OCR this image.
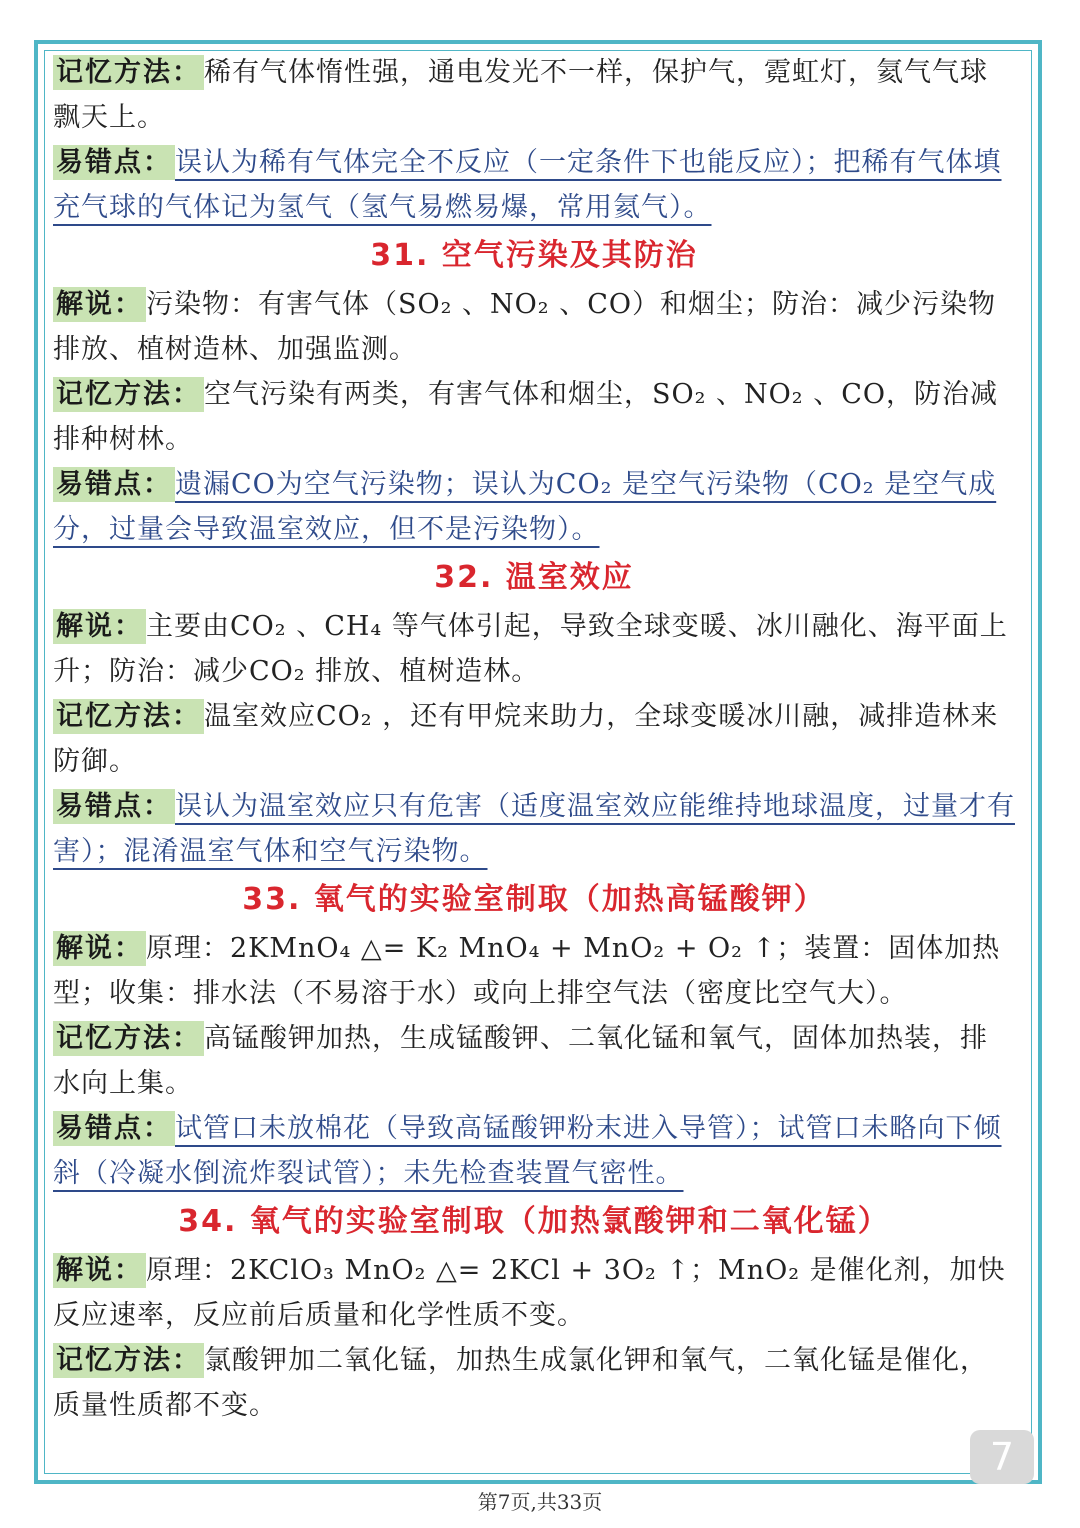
记忆方法： 稀有气体惰性强，通电发光不一样，保护气，霓虹灯，氦气气球飘天上。

易错点： 误认为稀有气体完全不反应（一定条件下也能反应）；把稀有气体填充气球的气体记为氢气（氢气易燃易爆，常用氦气）。

31. 空气污染及其防治

解说： 污染物：有害气体（SO₂ 、NO₂ 、CO）和烟尘；防治：减少污染物排放、植树造林、加强监测。

记忆方法： 空气污染有两类，有害气体和烟尘，SO₂ 、NO₂ 、CO，防治减排种树林。

易错点： 遗漏CO为空气污染物；误认为CO₂ 是空气污染物（CO₂ 是空气成分，过量会导致温室效应，但不是污染物）。

32. 温室效应

解说： 主要由CO₂ 、CH₄ 等气体引起，导致全球变暖、冰川融化、海平面上升；防治：减少CO₂ 排放、植树造林。

记忆方法： 温室效应CO₂ ，还有甲烷来助力，全球变暖冰川融，减排造林来防御。

易错点： 误认为温室效应只有危害（适度温室效应能维持地球温度，过量才有害）；混淆温室气体和空气污染物。

33. 氧气的实验室制取（加热高锰酸钾）

解说： 原理：2KMnO₄ △= K₂ MnO₄ + MnO₂ + O₂ ↑；装置：固体加热型；收集：排水法（不易溶于水）或向上排空气法（密度比空气大）。

记忆方法： 高锰酸钾加热，生成锰酸钾、二氧化锰和氧气，固体加热装，排水向上集。

易错点： 试管口未放棉花（导致高锰酸钾粉末进入导管）；试管口未略向下倾斜（冷凝水倒流炸裂试管）；未先检查装置气密性。

34. 氧气的实验室制取（加热氯酸钾和二氧化锰）

解说： 原理：2KClO₃ MnO₂ △= 2KCl + 3O₂ ↑；MnO₂ 是催化剂，加快反应速率，反应前后质量和化学性质不变。

记忆方法： 氯酸钾加二氧化锰，加热生成氯化钾和氧气，二氧化锰是催化，质量性质都不变。

7
第7页,共33页
